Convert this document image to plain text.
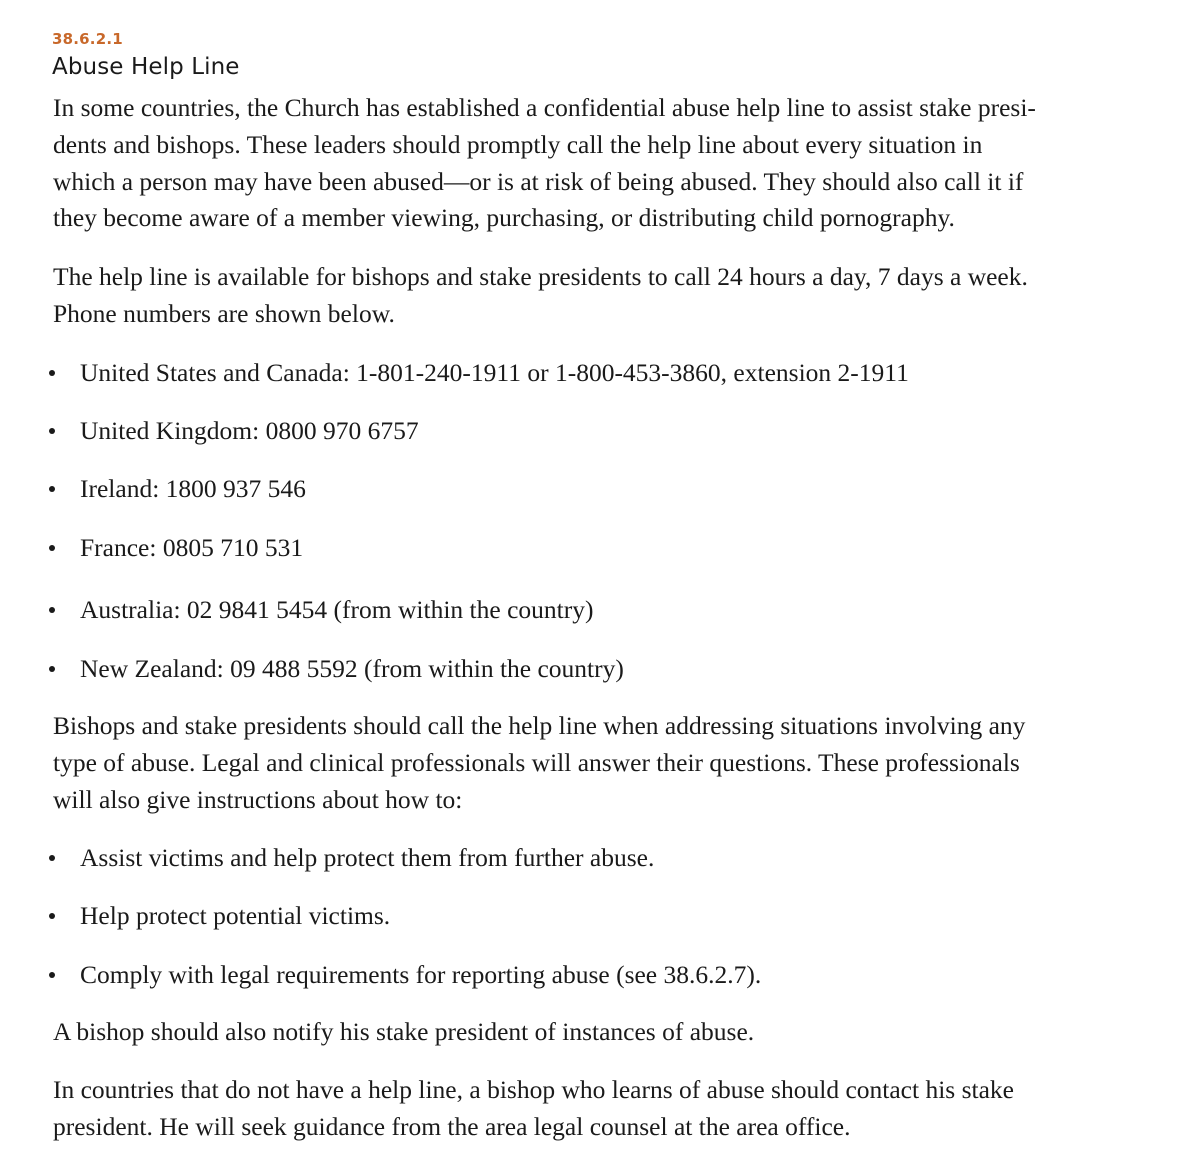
38.6.2.1
Abuse Help Line

In some countries, the Church has established a confidential abuse help line to assist stake presi-
dents and bishops. These leaders should promptly call the help line about every situation in
which a person may have been abused—or is at risk of being abused. They should also call it if
they become aware of a member viewing, purchasing, or distributing child pornography.

The help line is available for bishops and stake presidents to call 24 hours a day, 7 days a week.
Phone numbers are shown below.

United States and Canada: 1-801-240-1911 or 1-800-453-3860, extension 2-1911
United Kingdom: 0800 970 6757
Ireland: 1800 937 546
France: 0805 710 531
Australia: 02 9841 5454 (from within the country)
New Zealand: 09 488 5592 (from within the country)

Bishops and stake presidents should call the help line when addressing situations involving any
type of abuse. Legal and clinical professionals will answer their questions. These professionals
will also give instructions about how to:

Assist victims and help protect them from further abuse.
Help protect potential victims.
Comply with legal requirements for reporting abuse (see 38.6.2.7).

A bishop should also notify his stake president of instances of abuse.

In countries that do not have a help line, a bishop who learns of abuse should contact his stake
president. He will seek guidance from the area legal counsel at the area office.
